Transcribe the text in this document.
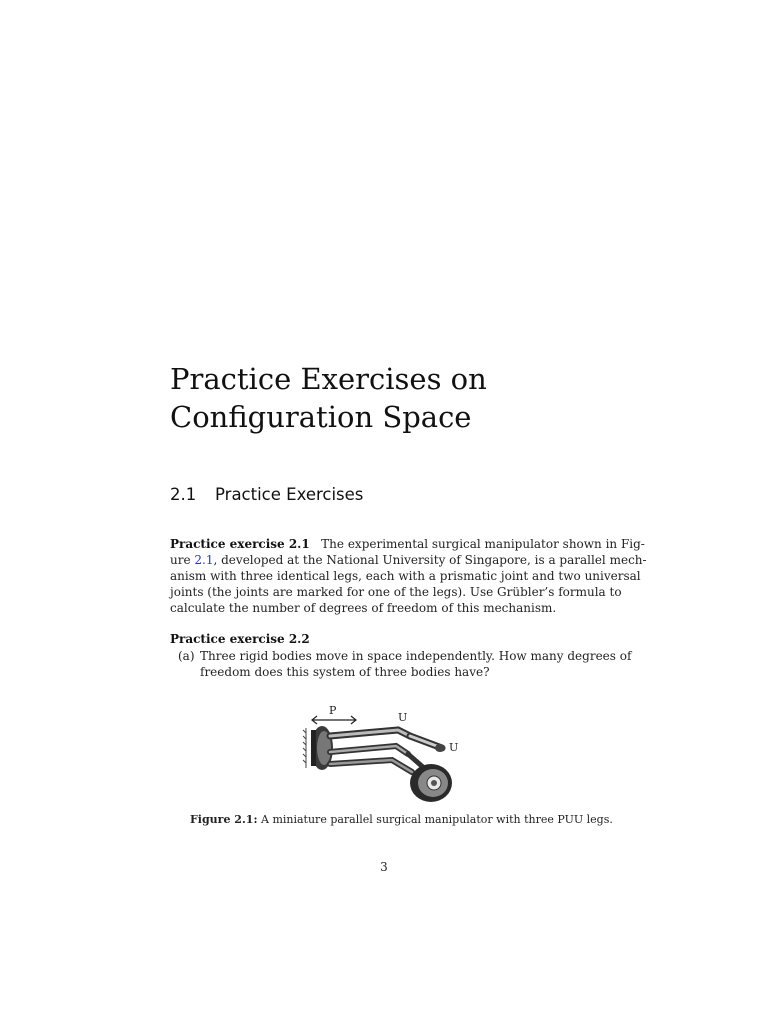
Practice Exercises on
Configuration Space
2.1 Practice Exercises
Practice exercise 2.1 The experimental surgical manipulator shown in Fig-
ure 2.1, developed at the National University of Singapore, is a parallel mech-
anism with three identical legs, each with a prismatic joint and two universal
joints (the joints are marked for one of the legs). Use Grübler’s formula to
calculate the number of degrees of freedom of this mechanism.
Practice exercise 2.2
(a) Three rigid bodies move in space independently. How many degrees of
freedom does this system of three bodies have?
P
U
U
Figure 2.1: A miniature parallel surgical manipulator with three PUU legs.
3
